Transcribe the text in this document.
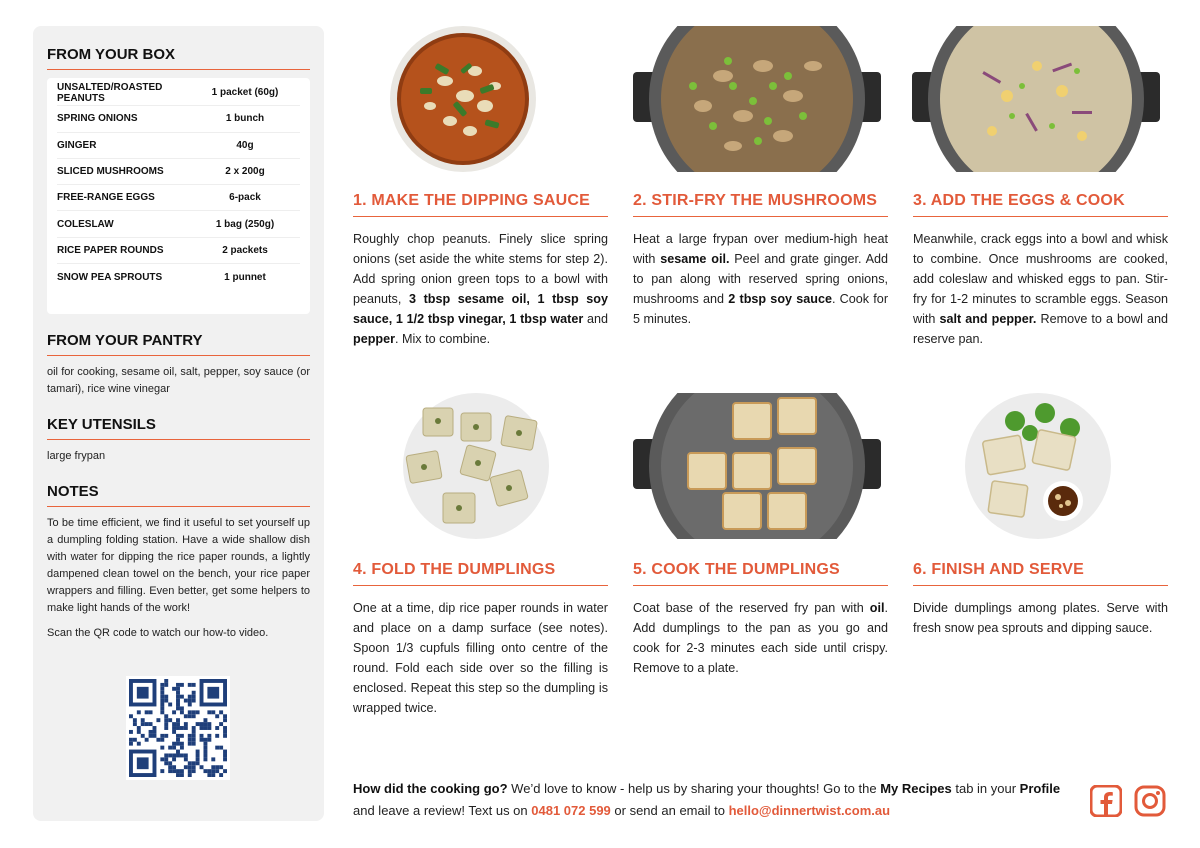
FROM YOUR BOX
UNSALTED/ROASTED PEANUTS	1 packet (60g)
SPRING ONIONS	1 bunch
GINGER	40g
SLICED MUSHROOMS	2 x 200g
FREE-RANGE EGGS	6-pack
COLESLAW	1 bag (250g)
RICE PAPER ROUNDS	2 packets
SNOW PEA SPROUTS	1 punnet
FROM YOUR PANTRY
oil for cooking, sesame oil, salt, pepper, soy sauce (or tamari), rice wine vinegar
KEY UTENSILS
large frypan
NOTES
To be time efficient, we find it useful to set yourself up a dumpling folding station. Have a wide shallow dish with water for dipping the rice paper rounds, a lightly dampened clean towel on the bench, your rice paper wrappers and filling. Even better, get some helpers to make light hands of the work!
Scan the QR code to watch our how-to video.
1. MAKE THE DIPPING SAUCE
Roughly chop peanuts. Finely slice spring onions (set aside the white stems for step 2). Add spring onion green tops to a bowl with peanuts, 3 tbsp sesame oil, 1 tbsp soy sauce, 1 1/2 tbsp vinegar, 1 tbsp water and pepper. Mix to combine.
2. STIR-FRY THE MUSHROOMS
Heat a large frypan over medium-high heat with sesame oil. Peel and grate ginger. Add to pan along with reserved spring onions, mushrooms and 2 tbsp soy sauce. Cook for 5 minutes.
3. ADD THE EGGS & COOK
Meanwhile, crack eggs into a bowl and whisk to combine. Once mushrooms are cooked, add coleslaw and whisked eggs to pan. Stir-fry for 1-2 minutes to scramble eggs. Season with salt and pepper. Remove to a bowl and reserve pan.
4. FOLD THE DUMPLINGS
One at a time, dip rice paper rounds in water and place on a damp surface (see notes). Spoon 1/3 cupfuls filling onto centre of the round. Fold each side over so the filling is enclosed. Repeat this step so the dumpling is wrapped twice.
5. COOK THE DUMPLINGS
Coat base of the reserved fry pan with oil. Add dumplings to the pan as you go and cook for 2-3 minutes each side until crispy. Remove to a plate.
6. FINISH AND SERVE
Divide dumplings among plates. Serve with fresh snow pea sprouts and dipping sauce.
How did the cooking go? We’d love to know - help us by sharing your thoughts! Go to the My Recipes tab in your Profile and leave a review! Text us on 0481 072 599 or send an email to hello@dinnertwist.com.au
